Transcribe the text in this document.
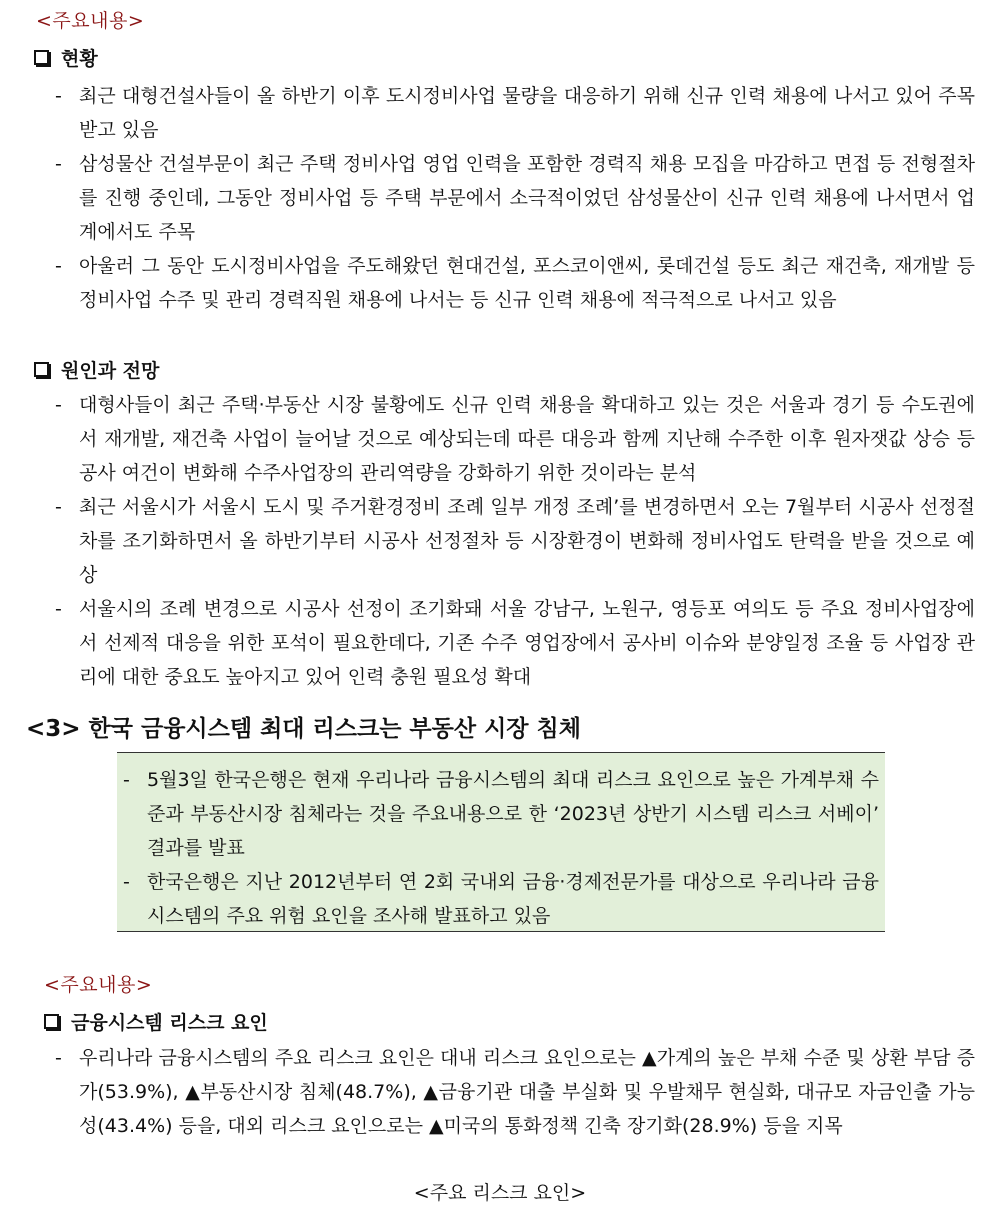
<주요내용>
현황
- 최근 대형건설사들이 올 하반기 이후 도시정비사업 물량을 대응하기 위해 신규 인력 채용에 나서고 있어 주목받고 있음
- 삼성물산 건설부문이 최근 주택 정비사업 영업 인력을 포함한 경력직 채용 모집을 마감하고 면접 등 전형절차를 진행 중인데, 그동안 정비사업 등 주택 부문에서 소극적이었던 삼성물산이 신규 인력 채용에 나서면서 업계에서도 주목
- 아울러 그 동안 도시정비사업을 주도해왔던 현대건설, 포스코이앤씨, 롯데건설 등도 최근 재건축, 재개발 등 정비사업 수주 및 관리 경력직원 채용에 나서는 등 신규 인력 채용에 적극적으로 나서고 있음
원인과 전망
- 대형사들이 최근 주택·부동산 시장 불황에도 신규 인력 채용을 확대하고 있는 것은 서울과 경기 등 수도권에서 재개발, 재건축 사업이 늘어날 것으로 예상되는데 따른 대응과 함께 지난해 수주한 이후 원자잿값 상승 등 공사 여건이 변화해 수주사업장의 관리역량을 강화하기 위한 것이라는 분석
- 최근 서울시가 서울시 도시 및 주거환경정비 조례 일부 개정 조례’를 변경하면서 오는 7월부터 시공사 선정절차를 조기화하면서 올 하반기부터 시공사 선정절차 등 시장환경이 변화해 정비사업도 탄력을 받을 것으로 예상
- 서울시의 조례 변경으로 시공사 선정이 조기화돼 서울 강남구, 노원구, 영등포 여의도 등 주요 정비사업장에서 선제적 대응을 위한 포석이 필요한데다, 기존 수주 영업장에서 공사비 이슈와 분양일정 조율 등 사업장 관리에 대한 중요도 높아지고 있어 인력 충원 필요성 확대
<3> 한국 금융시스템 최대 리스크는 부동산 시장 침체
- 5월3일 한국은행은 현재 우리나라 금융시스템의 최대 리스크 요인으로 높은 가계부채 수준과 부동산시장 침체라는 것을 주요내용으로 한 ‘2023년 상반기 시스템 리스크 서베이’ 결과를 발표
- 한국은행은 지난 2012년부터 연 2회 국내외 금융·경제전문가를 대상으로 우리나라 금융시스템의 주요 위험 요인을 조사해 발표하고 있음
<주요내용>
금융시스템 리스크 요인
- 우리나라 금융시스템의 주요 리스크 요인은 대내 리스크 요인으로는 ▲가계의 높은 부채 수준 및 상환 부담 증가(53.9%), ▲부동산시장 침체(48.7%), ▲금융기관 대출 부실화 및 우발채무 현실화, 대규모 자금인출 가능성(43.4%) 등을, 대외 리스크 요인으로는 ▲미국의 통화정책 긴축 장기화(28.9%) 등을 지목
<주요 리스크 요인>
